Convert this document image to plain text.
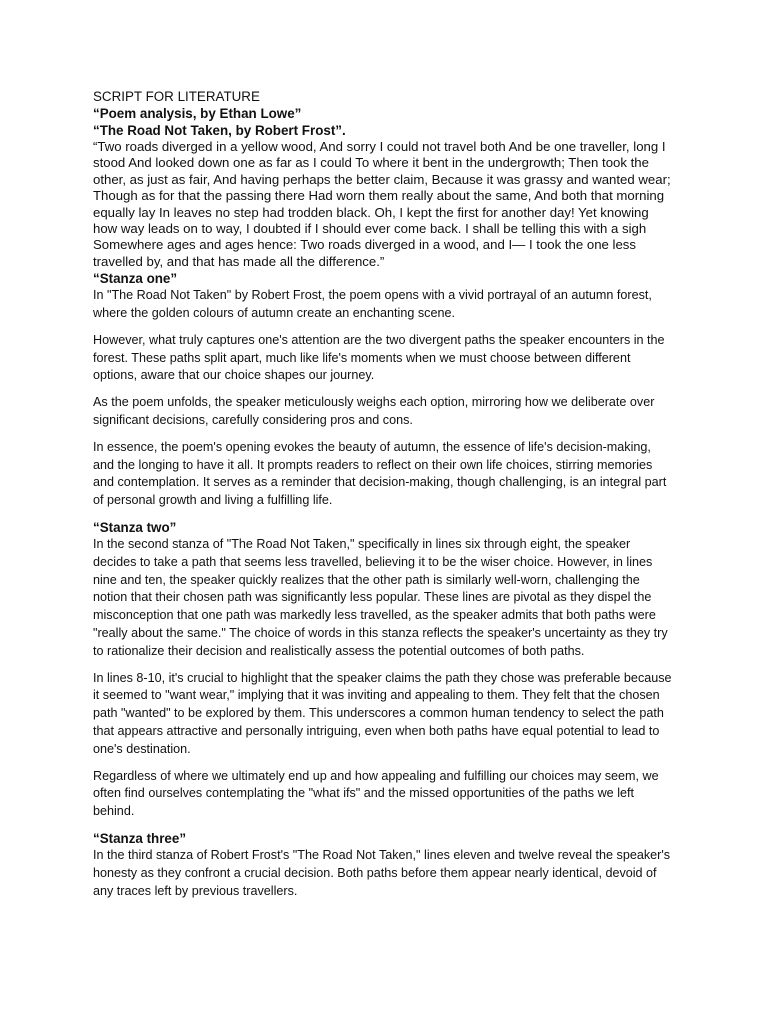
SCRIPT FOR LITERATURE

“Poem analysis, by Ethan Lowe”

“The Road Not Taken, by Robert Frost”.

“Two roads diverged in a yellow wood, And sorry I could not travel both And be one traveller, long I stood And looked down one as far as I could To where it bent in the undergrowth; Then took the other, as just as fair, And having perhaps the better claim, Because it was grassy and wanted wear; Though as for that the passing there Had worn them really about the same, And both that morning equally lay In leaves no step had trodden black. Oh, I kept the first for another day! Yet knowing how way leads on to way, I doubted if I should ever come back. I shall be telling this with a sigh Somewhere ages and ages hence: Two roads diverged in a wood, and I— I took the one less travelled by, and that has made all the difference.”

“Stanza one”

In "The Road Not Taken" by Robert Frost, the poem opens with a vivid portrayal of an autumn forest, where the golden colours of autumn create an enchanting scene.

However, what truly captures one's attention are the two divergent paths the speaker encounters in the forest. These paths split apart, much like life's moments when we must choose between different options, aware that our choice shapes our journey.

As the poem unfolds, the speaker meticulously weighs each option, mirroring how we deliberate over significant decisions, carefully considering pros and cons.

In essence, the poem's opening evokes the beauty of autumn, the essence of life's decision-making, and the longing to have it all. It prompts readers to reflect on their own life choices, stirring memories and contemplation. It serves as a reminder that decision-making, though challenging, is an integral part of personal growth and living a fulfilling life.

“Stanza two”

In the second stanza of "The Road Not Taken," specifically in lines six through eight, the speaker decides to take a path that seems less travelled, believing it to be the wiser choice. However, in lines nine and ten, the speaker quickly realizes that the other path is similarly well-worn, challenging the notion that their chosen path was significantly less popular. These lines are pivotal as they dispel the misconception that one path was markedly less travelled, as the speaker admits that both paths were "really about the same." The choice of words in this stanza reflects the speaker's uncertainty as they try to rationalize their decision and realistically assess the potential outcomes of both paths.

In lines 8-10, it's crucial to highlight that the speaker claims the path they chose was preferable because it seemed to "want wear," implying that it was inviting and appealing to them. They felt that the chosen path "wanted" to be explored by them. This underscores a common human tendency to select the path that appears attractive and personally intriguing, even when both paths have equal potential to lead to one's destination.

Regardless of where we ultimately end up and how appealing and fulfilling our choices may seem, we often find ourselves contemplating the "what ifs" and the missed opportunities of the paths we left behind.

“Stanza three”

In the third stanza of Robert Frost's "The Road Not Taken," lines eleven and twelve reveal the speaker's honesty as they confront a crucial decision. Both paths before them appear nearly identical, devoid of any traces left by previous travellers.
